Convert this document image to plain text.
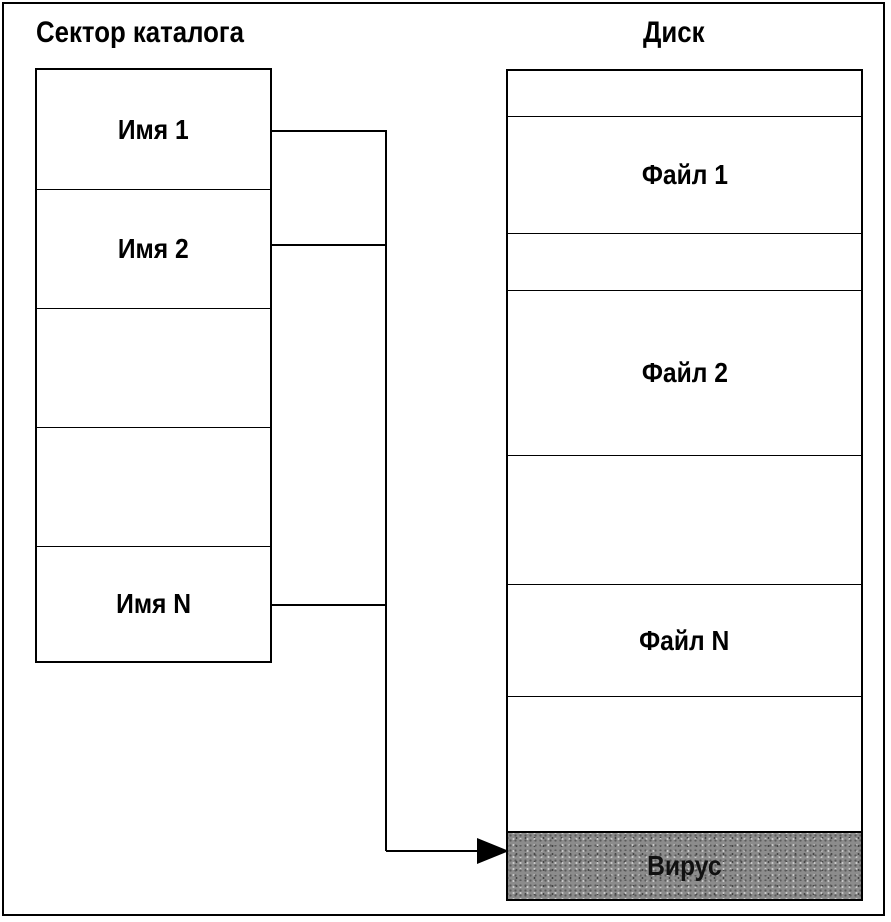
Сектор каталога	Диск
Имя 1
Имя 2
Имя N
Файл 1
Файл 2
Файл N
Вирус
